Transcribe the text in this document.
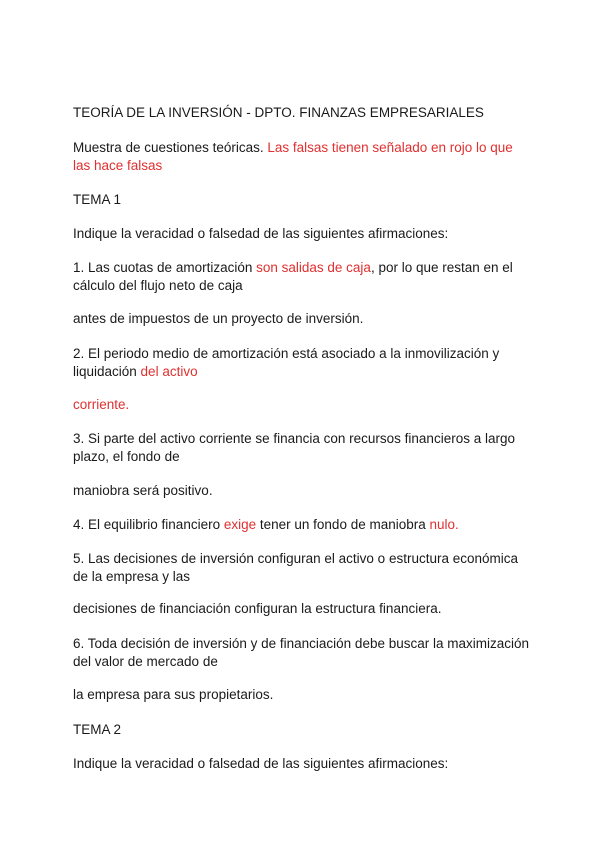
TEORÍA DE LA INVERSIÓN - DPTO. FINANZAS EMPRESARIALES
Muestra de cuestiones teóricas. Las falsas tienen señalado en rojo lo que las hace falsas
TEMA 1
Indique la veracidad o falsedad de las siguientes afirmaciones:
1. Las cuotas de amortización son salidas de caja, por lo que restan en el cálculo del flujo neto de caja
antes de impuestos de un proyecto de inversión.
2. El periodo medio de amortización está asociado a la inmovilización y liquidación del activo
corriente.
3. Si parte del activo corriente se financia con recursos financieros a largo plazo, el fondo de
maniobra será positivo.
4. El equilibrio financiero exige tener un fondo de maniobra nulo.
5. Las decisiones de inversión configuran el activo o estructura económica de la empresa y las
decisiones de financiación configuran la estructura financiera.
6. Toda decisión de inversión y de financiación debe buscar la maximización del valor de mercado de
la empresa para sus propietarios.
TEMA 2
Indique la veracidad o falsedad de las siguientes afirmaciones:
